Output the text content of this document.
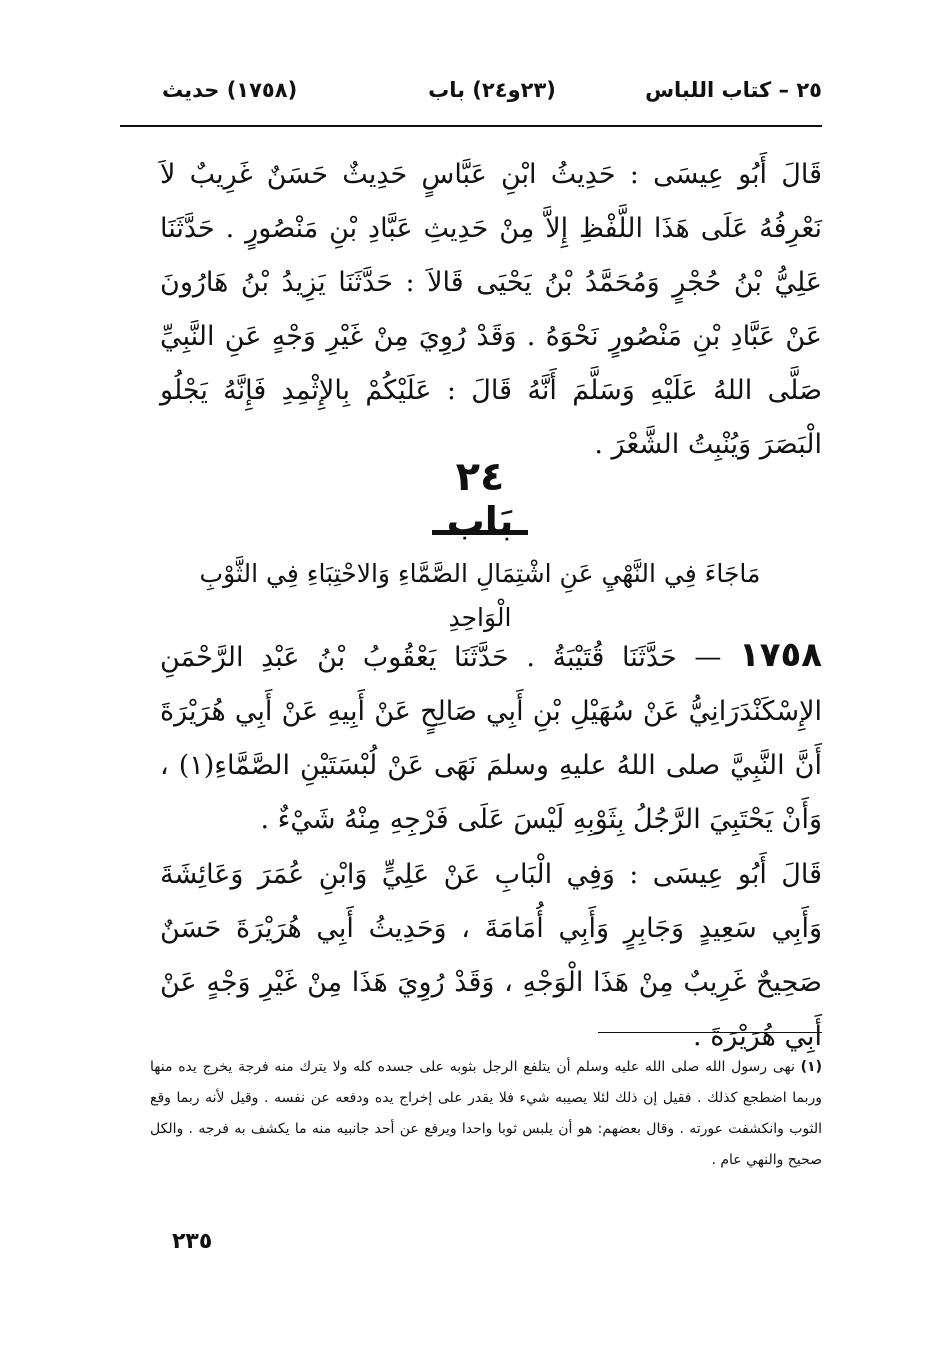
٢٥ – كتاب اللباس
(٢٣و٢٤) باب
(١٧٥٨) حديث
قَالَ أَبُو عِيسَى : حَدِيثُ ابْنِ عَبَّاسٍ حَدِيثٌ حَسَنٌ غَرِيبٌ لاَ نَعْرِفُهُ عَلَى هَذَا اللَّفْظِ إِلاَّ مِنْ حَدِيثِ عَبَّادِ بْنِ مَنْصُورٍ . حَدَّثَنَا عَلِيُّ بْنُ حُجْرٍ وَمُحَمَّدُ بْنُ يَحْيَى قَالاَ : حَدَّثَنَا يَزِيدُ بْنُ هَارُونَ عَنْ عَبَّادِ بْنِ مَنْصُورٍ نَحْوَهُ . وَقَدْ رُوِيَ مِنْ غَيْرِ وَجْهٍ عَنِ النَّبِيِّ صَلَّى اللهُ عَلَيْهِ وَسَلَّمَ أَنَّهُ قَالَ : عَلَيْكُمْ بِالإِثْمِدِ فَإِنَّهُ يَجْلُو الْبَصَرَ وَيُنْبِتُ الشَّعْرَ .
٢٤
بَاب
مَاجَاءَ فِي النَّهْيِ عَنِ اشْتِمَالِ الصَّمَّاءِ وَالاحْتِبَاءِ فِي الثَّوْبِ الْوَاحِدِ
١٧٥٨ — حَدَّثَنَا قُتَيْبَةُ . حَدَّثَنَا يَعْقُوبُ بْنُ عَبْدِ الرَّحْمَنِ الإِسْكَنْدَرَانِيُّ عَنْ سُهَيْلِ بْنِ أَبِي صَالِحٍ عَنْ أَبِيهِ عَنْ أَبِي هُرَيْرَةَ أَنَّ النَّبِيَّ صلى اللهُ عليهِ وسلمَ نَهَى عَنْ لُبْسَتَيْنِ الصَّمَّاءِ(١) ، وَأَنْ يَحْتَبِيَ الرَّجُلُ بِثَوْبِهِ لَيْسَ عَلَى فَرْجِهِ مِنْهُ شَيْءٌ .
قَالَ أَبُو عِيسَى : وَفِي الْبَابِ عَنْ عَلِيٍّ وَابْنِ عُمَرَ وَعَائِشَةَ وَأَبِي سَعِيدٍ وَجَابِرٍ وَأَبِي أُمَامَةَ ، وَحَدِيثُ أَبِي هُرَيْرَةَ حَسَنٌ صَحِيحٌ غَرِيبٌ مِنْ هَذَا الْوَجْهِ ، وَقَدْ رُوِيَ هَذَا مِنْ غَيْرِ وَجْهٍ عَنْ أَبِي هُرَيْرَةَ .
(١) نهى رسول الله صلى الله عليه وسلم أن يتلفع الرجل بثوبه على جسده كله ولا يترك منه فرجة يخرج يده منها وربما اضطجع كذلك . فقيل إن ذلك لئلا يصيبه شيء فلا يقدر على إخراج يده ودفعه عن نفسه . وقيل لأنه ربما وقع الثوب وانكشفت عورته . وقال بعضهم: هو أن يلبس ثوبا واحدا ويرفع عن أحد جانبيه منه ما يكشف به فرجه . والكل صحيح والنهي عام .
٢٣٥
